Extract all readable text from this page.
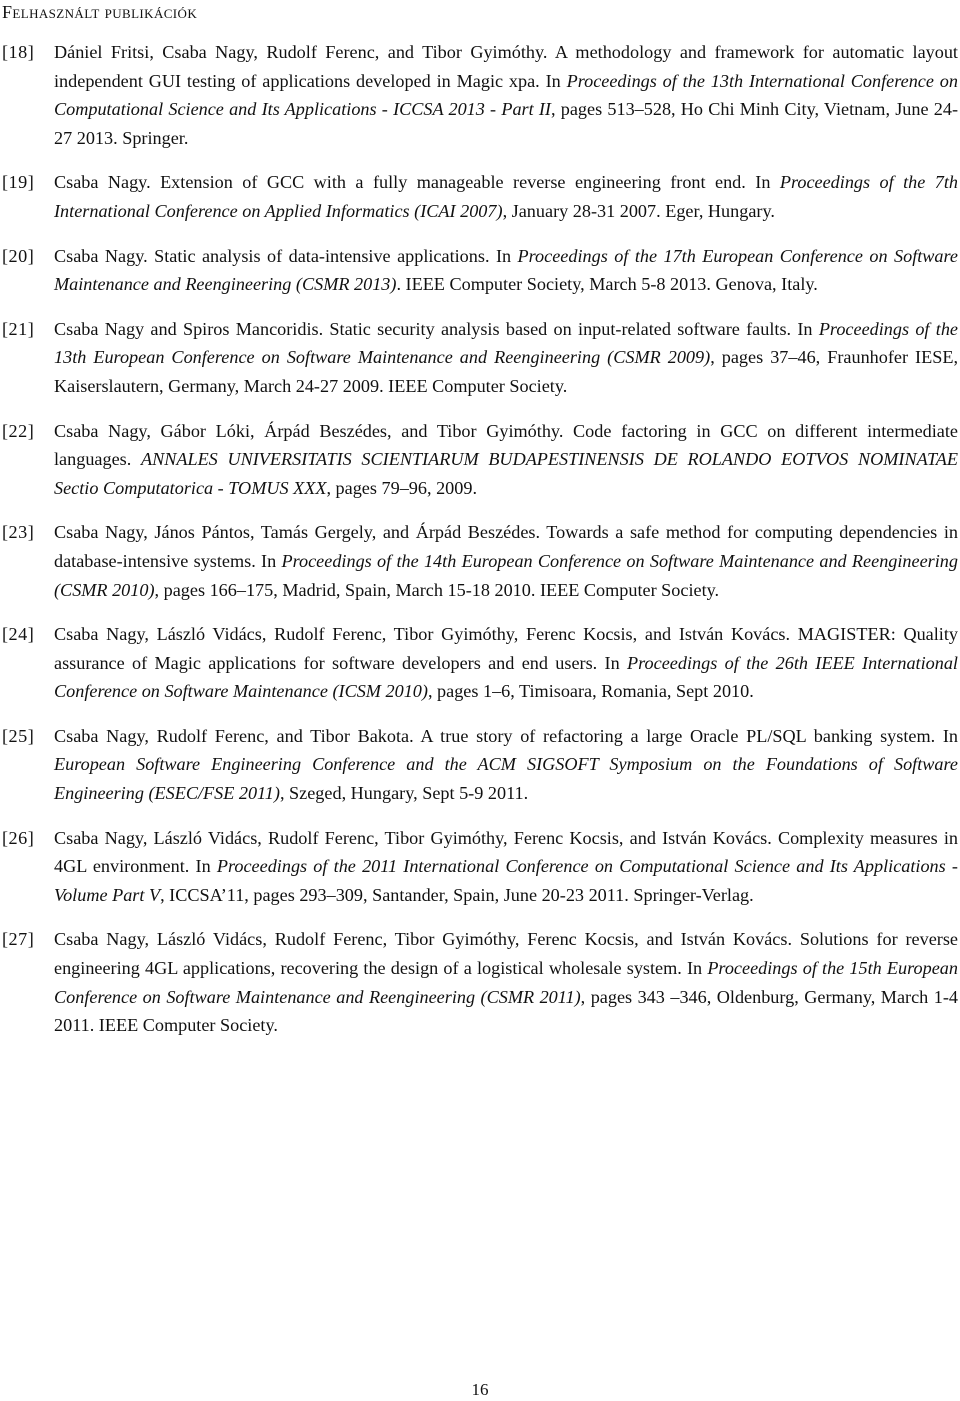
Felhasznált publikációk
[18]	Dániel Fritsi, Csaba Nagy, Rudolf Ferenc, and Tibor Gyimóthy. A methodology and framework for automatic layout independent GUI testing of applications developed in Magic xpa. In Proceedings of the 13th International Conference on Computational Science and Its Applications - ICCSA 2013 - Part II, pages 513–528, Ho Chi Minh City, Vietnam, June 24-27 2013. Springer.
[19]	Csaba Nagy. Extension of GCC with a fully manageable reverse engineering front end. In Proceedings of the 7th International Conference on Applied Informatics (ICAI 2007), January 28-31 2007. Eger, Hungary.
[20]	Csaba Nagy. Static analysis of data-intensive applications. In Proceedings of the 17th European Conference on Software Maintenance and Reengineering (CSMR 2013). IEEE Computer Society, March 5-8 2013. Genova, Italy.
[21]	Csaba Nagy and Spiros Mancoridis. Static security analysis based on input-related software faults. In Proceedings of the 13th European Conference on Software Maintenance and Reengineering (CSMR 2009), pages 37–46, Fraunhofer IESE, Kaiserslautern, Germany, March 24-27 2009. IEEE Computer Society.
[22]	Csaba Nagy, Gábor Lóki, Árpád Beszédes, and Tibor Gyimóthy. Code factoring in GCC on different intermediate languages. ANNALES UNIVERSITATIS SCIENTIARUM BUDAPESTINENSIS DE ROLANDO EOTVOS NOMINATAE Sectio Computatorica - TOMUS XXX, pages 79–96, 2009.
[23]	Csaba Nagy, János Pántos, Tamás Gergely, and Árpád Beszédes. Towards a safe method for computing dependencies in database-intensive systems. In Proceedings of the 14th European Conference on Software Maintenance and Reengineering (CSMR 2010), pages 166–175, Madrid, Spain, March 15-18 2010. IEEE Computer Society.
[24]	Csaba Nagy, László Vidács, Rudolf Ferenc, Tibor Gyimóthy, Ferenc Kocsis, and István Kovács. MAGISTER: Quality assurance of Magic applications for software developers and end users. In Proceedings of the 26th IEEE International Conference on Software Maintenance (ICSM 2010), pages 1–6, Timisoara, Romania, Sept 2010.
[25]	Csaba Nagy, Rudolf Ferenc, and Tibor Bakota. A true story of refactoring a large Oracle PL/SQL banking system. In European Software Engineering Conference and the ACM SIGSOFT Symposium on the Foundations of Software Engineering (ESEC/FSE 2011), Szeged, Hungary, Sept 5-9 2011.
[26]	Csaba Nagy, László Vidács, Rudolf Ferenc, Tibor Gyimóthy, Ferenc Kocsis, and István Kovács. Complexity measures in 4GL environment. In Proceedings of the 2011 International Conference on Computational Science and Its Applications - Volume Part V, ICCSA’11, pages 293–309, Santander, Spain, June 20-23 2011. Springer-Verlag.
[27]	Csaba Nagy, László Vidács, Rudolf Ferenc, Tibor Gyimóthy, Ferenc Kocsis, and István Kovács. Solutions for reverse engineering 4GL applications, recovering the design of a logistical wholesale system. In Proceedings of the 15th European Conference on Software Maintenance and Reengineering (CSMR 2011), pages 343 –346, Oldenburg, Germany, March 1-4 2011. IEEE Computer Society.
16
